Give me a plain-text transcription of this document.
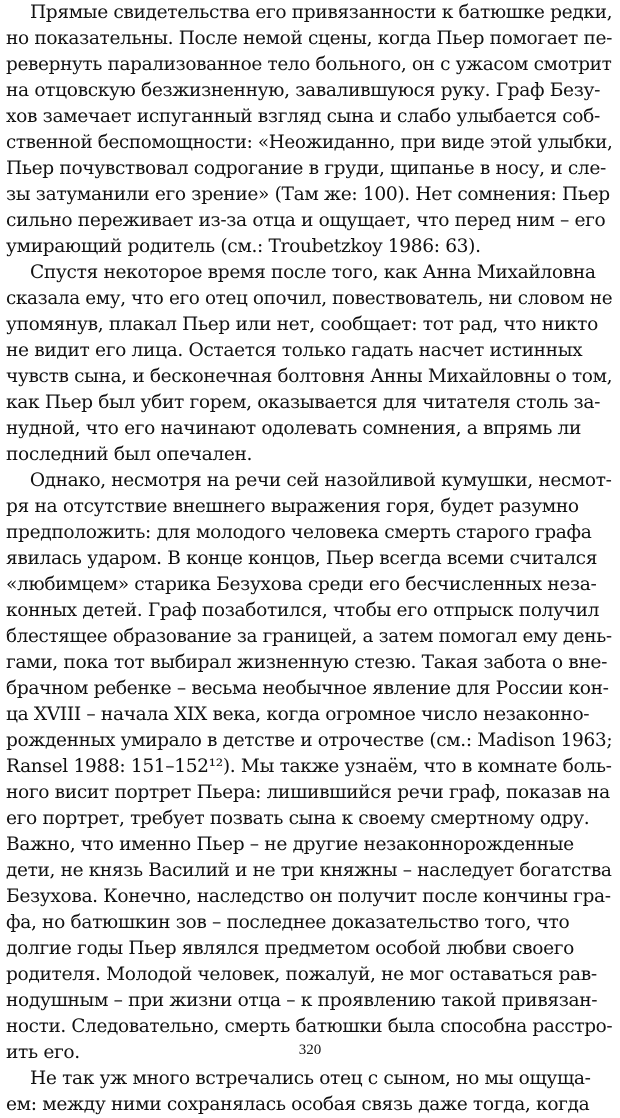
Прямые свидетельства его привязанности к батюшке редки,
но показательны. После немой сцены, когда Пьер помогает пе-
ревернуть парализованное тело больного, он с ужасом смотрит
на отцовскую безжизненную, завалившуюся руку. Граф Безу-
хов замечает испуганный взгляд сына и слабо улыбается соб-
ственной беспомощности: «Неожиданно, при виде этой улыбки,
Пьер почувствовал содрогание в груди, щипанье в носу, и слe-
зы затуманили его зрение» (Там же: 100). Нет сомнения: Пьер
сильно переживает из-за отца и ощущает, что перед ним – его
умирающий родитель (см.: Troubetzkoy 1986: 63).
Спустя некоторое время после того, как Анна Михайловна
сказала ему, что его отец опочил, повествователь, ни словом не
упомянув, плакал Пьер или нет, сообщает: тот рад, что никто
не видит его лица. Остается только гадать насчет истинных
чувств сына, и бесконечная болтовня Анны Михайловны о том,
как Пьер был убит горем, оказывается для читателя столь за-
нудной, что его начинают одолевать сомнения, а впрямь ли
последний был опечален.
Однако, несмотря на речи сей назойливой кумушки, несмот-
ря на отсутствие внешнего выражения горя, будет разумно
предположить: для молодого человека смерть старого графа
явилась ударом. В конце концов, Пьер всегда всеми считался
«любимцем» старика Безухова среди его бесчисленных неза-
конных детей. Граф позаботился, чтобы его отпрыск получил
блестящее образование за границей, а затем помогал ему день-
гами, пока тот выбирал жизненную стезю. Такая забота о вне-
брачном ребенке – весьма необычное явление для России кон-
ца XVIII – начала XIX века, когда огромное число незаконно-
рожденных умирало в детстве и отрочестве (см.: Madison 1963;
Ransel 1988: 151–152¹²). Мы также узнаём, что в комнате боль-
ного висит портрет Пьера: лишившийся речи граф, показав на
его портрет, требует позвать сына к своему смертному одру.
Важно, что именно Пьер – не другие незаконнорожденные
дети, не князь Василий и не три княжны – наследует богатства
Безухова. Конечно, наследство он получит после кончины гра-
фа, но батюшкин зов – последнее доказательство того, что
долгие годы Пьер являлся предметом особой любви своего
родителя. Молодой человек, пожалуй, не мог оставаться рав-
нодушным – при жизни отца – к проявлению такой привязан-
ности. Следовательно, смерть батюшки была способна расстро-
ить его.
Не так уж много встречались отец с сыном, но мы ощуща-
ем: между ними сохранялась особая связь даже тогда, когда
320
